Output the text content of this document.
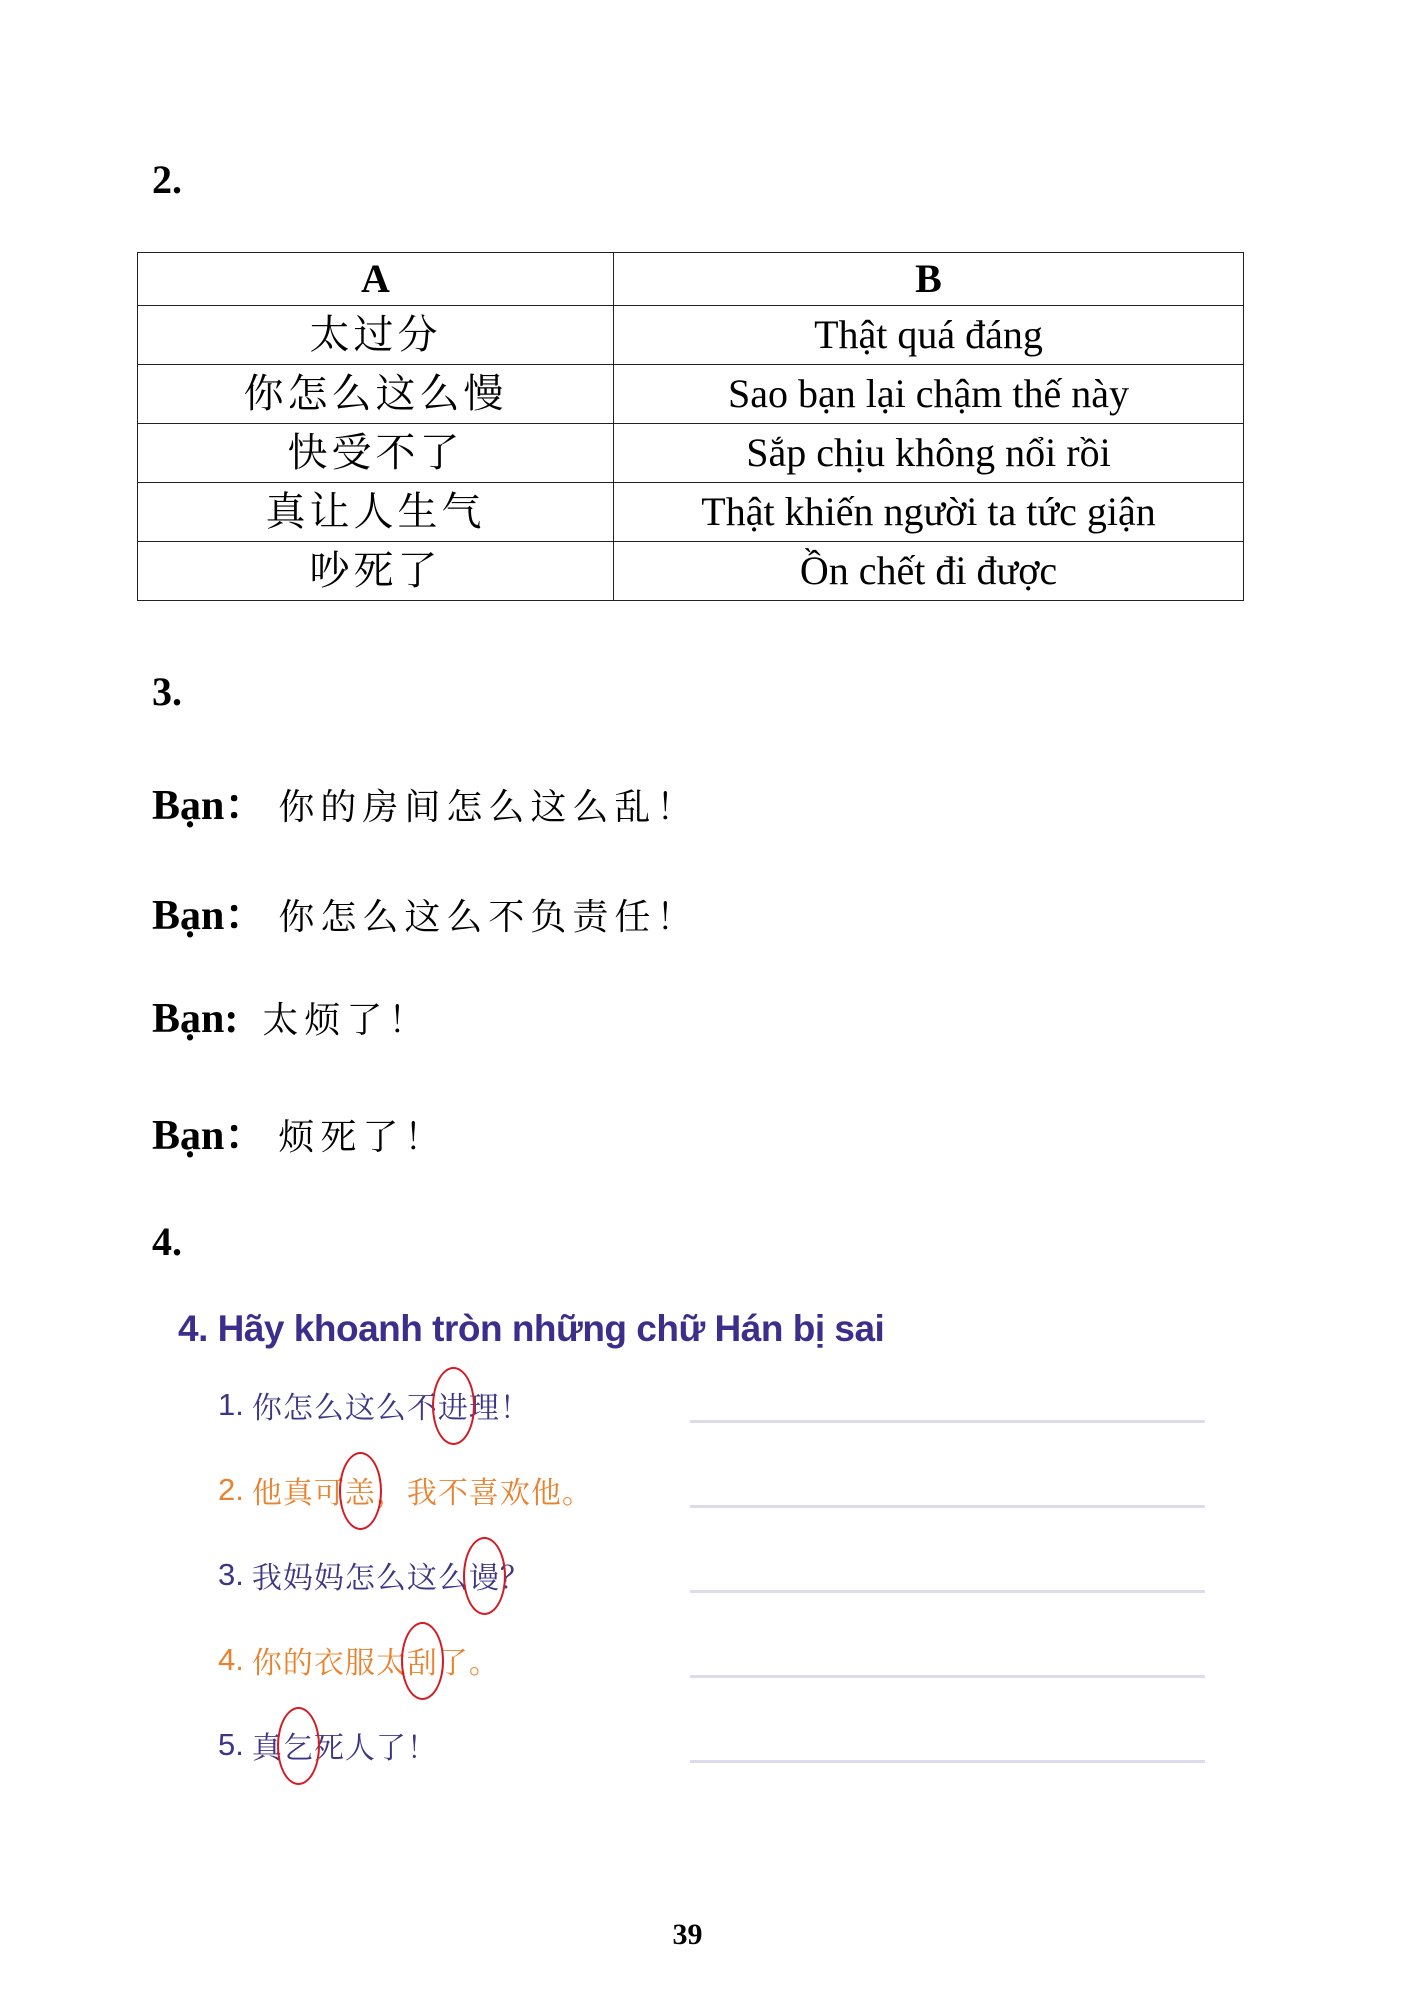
2.
A	B
太过分	Thật quá đáng
你怎么这么慢	Sao bạn lại chậm thế này
快受不了	Sắp chịu không nổi rồi
真让人生气	Thật khiến người ta tức giận
吵死了	Ồn chết đi được
3.
Bạn： 你的房间怎么这么乱！
Bạn： 你怎么这么不负责任！
Bạn: 太烦了！
Bạn： 烦死了！
4.
4. Hãy khoanh tròn những chữ Hán bị sai
1. 你怎么这么不 进 理！
2. 他真可 恙 ，我不喜欢他。
3. 我妈妈怎么这么 谩 ？
4. 你的衣服太 刮 了。
5. 真 乞 死人了！
39
